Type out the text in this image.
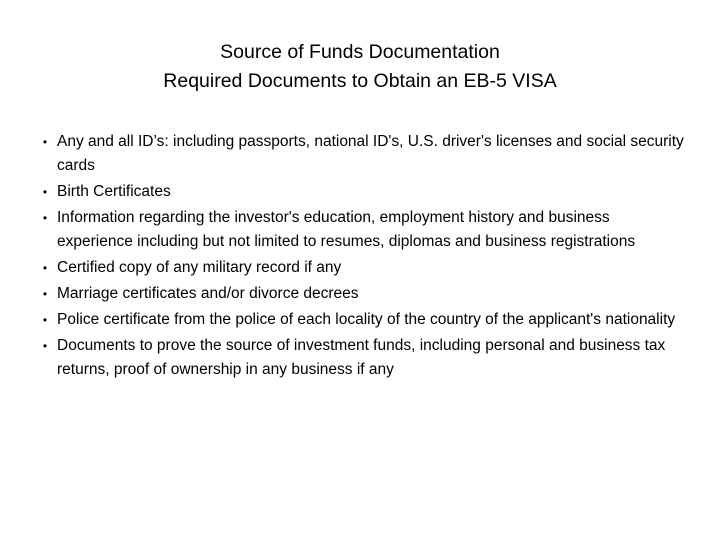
Source of Funds Documentation
Required Documents to Obtain an EB-5 VISA
• Any and all ID’s: including passports, national ID's, U.S. driver's licenses and social security cards
• Birth Certificates
• Information regarding the investor's education, employment history and business experience including but not limited to resumes, diplomas and business registrations
• Certified copy of any military record if any
• Marriage certificates and/or divorce decrees
• Police certificate from the police of each locality of the country of the applicant's nationality
• Documents to prove the source of investment funds, including personal and business tax returns, proof of ownership in any business if any
